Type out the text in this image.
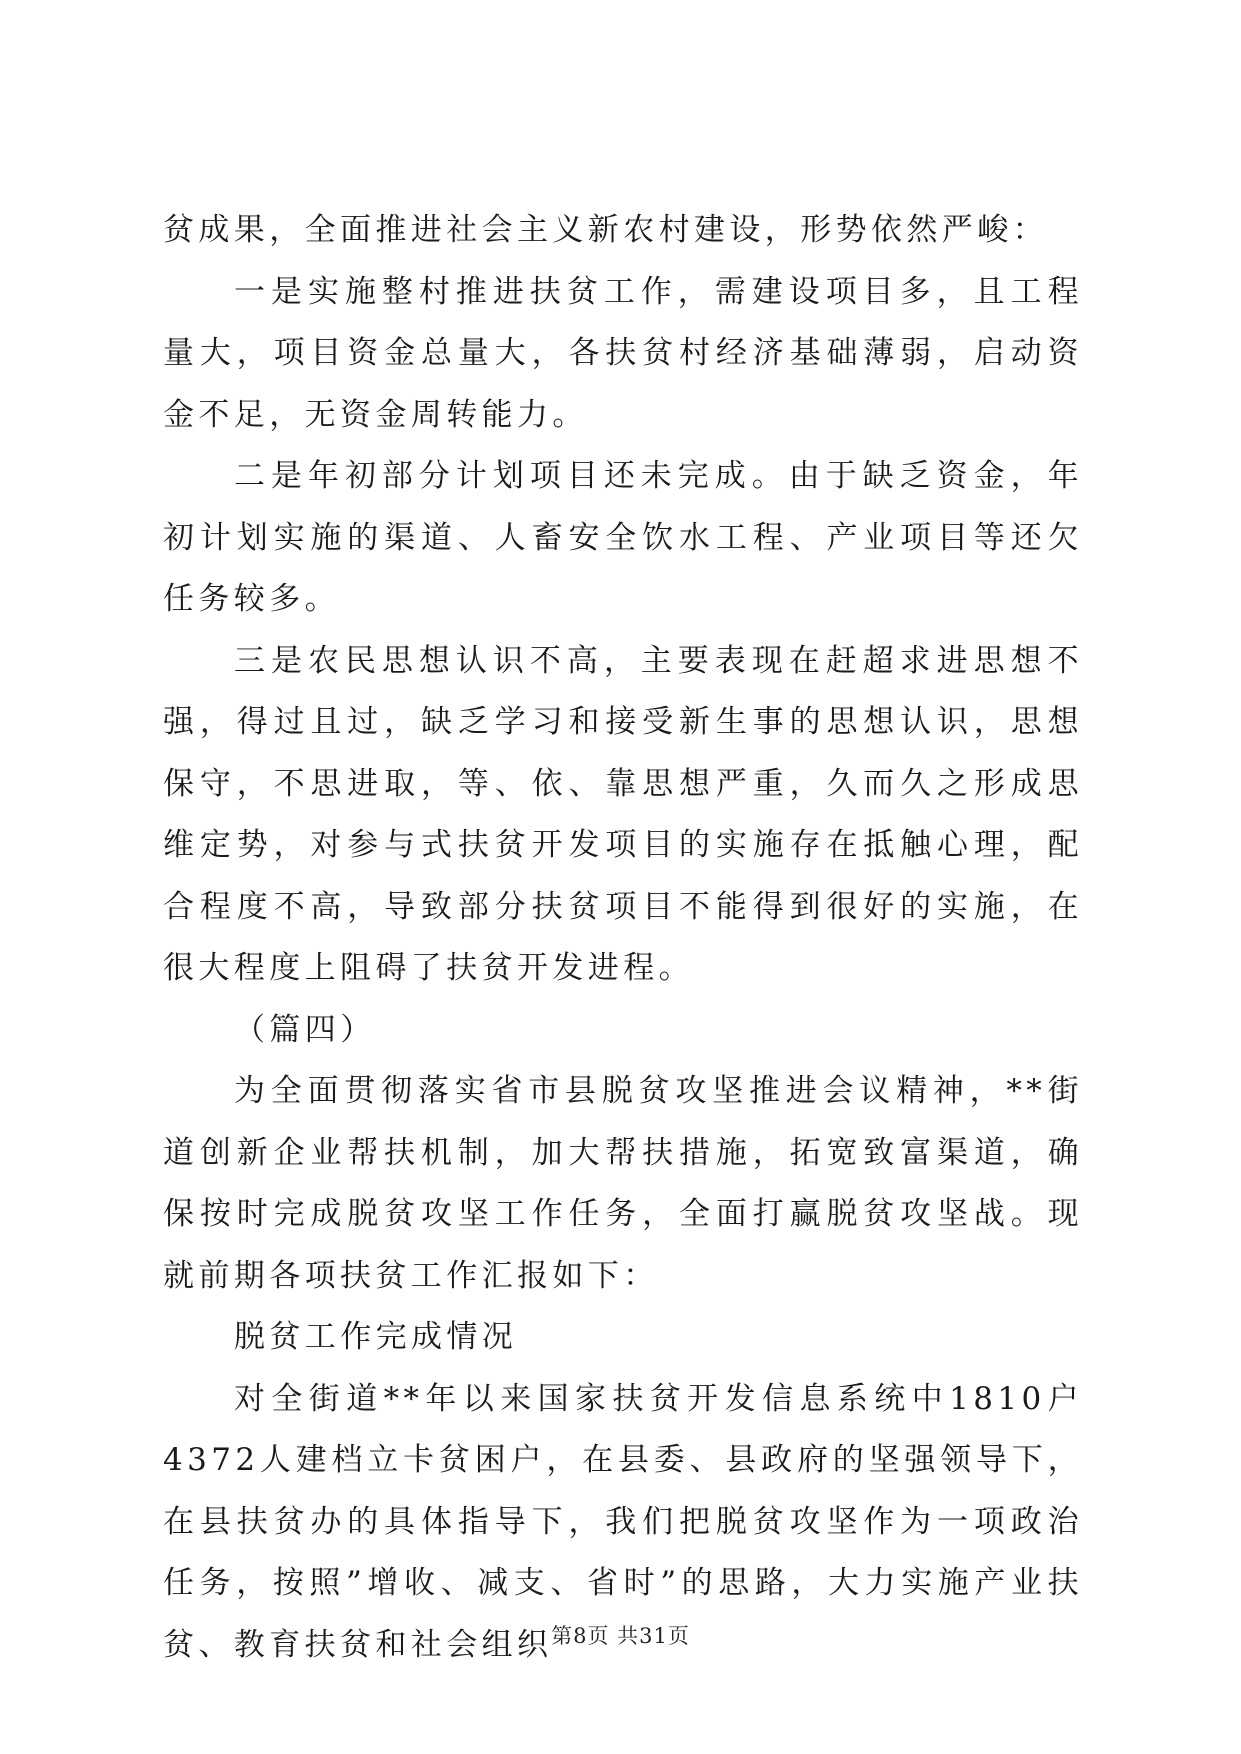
贫成果，全面推进社会主义新农村建设，形势依然严峻：

一是实施整村推进扶贫工作，需建设项目多，且工程量大，项目资金总量大，各扶贫村经济基础薄弱，启动资金不足，无资金周转能力。

二是年初部分计划项目还未完成。由于缺乏资金，年初计划实施的渠道、人畜安全饮水工程、产业项目等还欠任务较多。

三是农民思想认识不高，主要表现在赶超求进思想不强，得过且过，缺乏学习和接受新生事的思想认识，思想保守，不思进取，等、依、靠思想严重，久而久之形成思维定势，对参与式扶贫开发项目的实施存在抵触心理，配合程度不高，导致部分扶贫项目不能得到很好的实施，在很大程度上阻碍了扶贫开发进程。

（篇四）

为全面贯彻落实省市县脱贫攻坚推进会议精神，**街道创新企业帮扶机制，加大帮扶措施，拓宽致富渠道，确保按时完成脱贫攻坚工作任务，全面打赢脱贫攻坚战。现就前期各项扶贫工作汇报如下：

脱贫工作完成情况

对全街道**年以来国家扶贫开发信息系统中1810户4372人建档立卡贫困户，在县委、县政府的坚强领导下，在县扶贫办的具体指导下，我们把脱贫攻坚作为一项政治任务，按照”增收、减支、省时”的思路，大力实施产业扶贫、教育扶贫和社会组织

第8页 共31页
